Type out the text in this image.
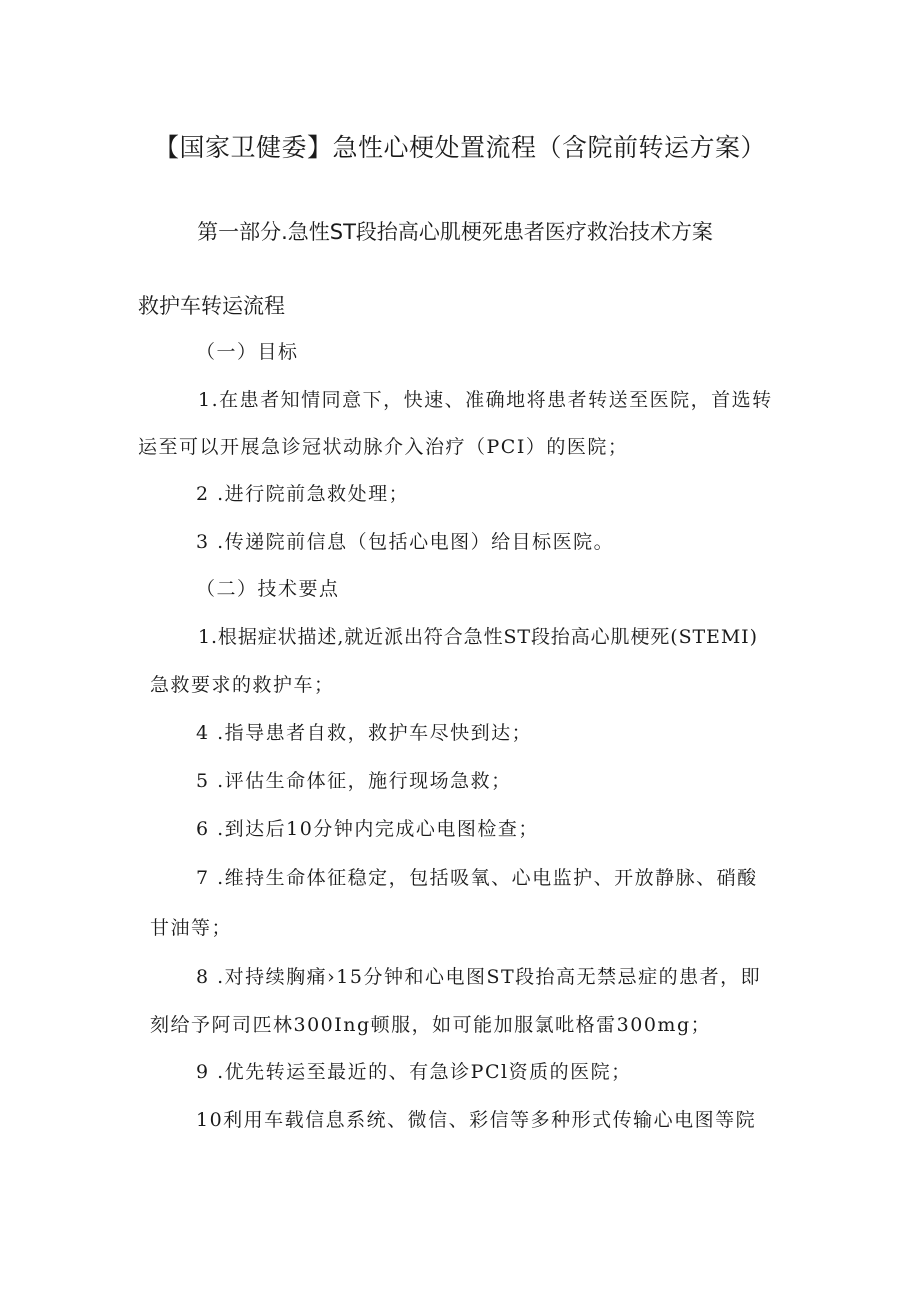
【国家卫健委】急性心梗处置流程（含院前转运方案）
第一部分.急性ST段抬高心肌梗死患者医疗救治技术方案
救护车转运流程
（一）目标
1.在患者知情同意下，快速、准确地将患者转送至医院，首选转
运至可以开展急诊冠状动脉介入治疗（PCI）的医院；
2 .进行院前急救处理；
3 .传递院前信息（包括心电图）给目标医院。
（二）技术要点
1.根据症状描述,就近派出符合急性ST段抬高心肌梗死(STEMI)
急救要求的救护车；
4 .指导患者自救，救护车尽快到达；
5 .评估生命体征，施行现场急救；
6 .到达后10分钟内完成心电图检查；
7 .维持生命体征稳定，包括吸氧、心电监护、开放静脉、硝酸
甘油等；
8 .对持续胸痛›15分钟和心电图ST段抬高无禁忌症的患者，即
刻给予阿司匹林300Ing顿服，如可能加服氯吡格雷300mg；
9 .优先转运至最近的、有急诊PCl资质的医院；
10利用车载信息系统、微信、彩信等多种形式传输心电图等院
